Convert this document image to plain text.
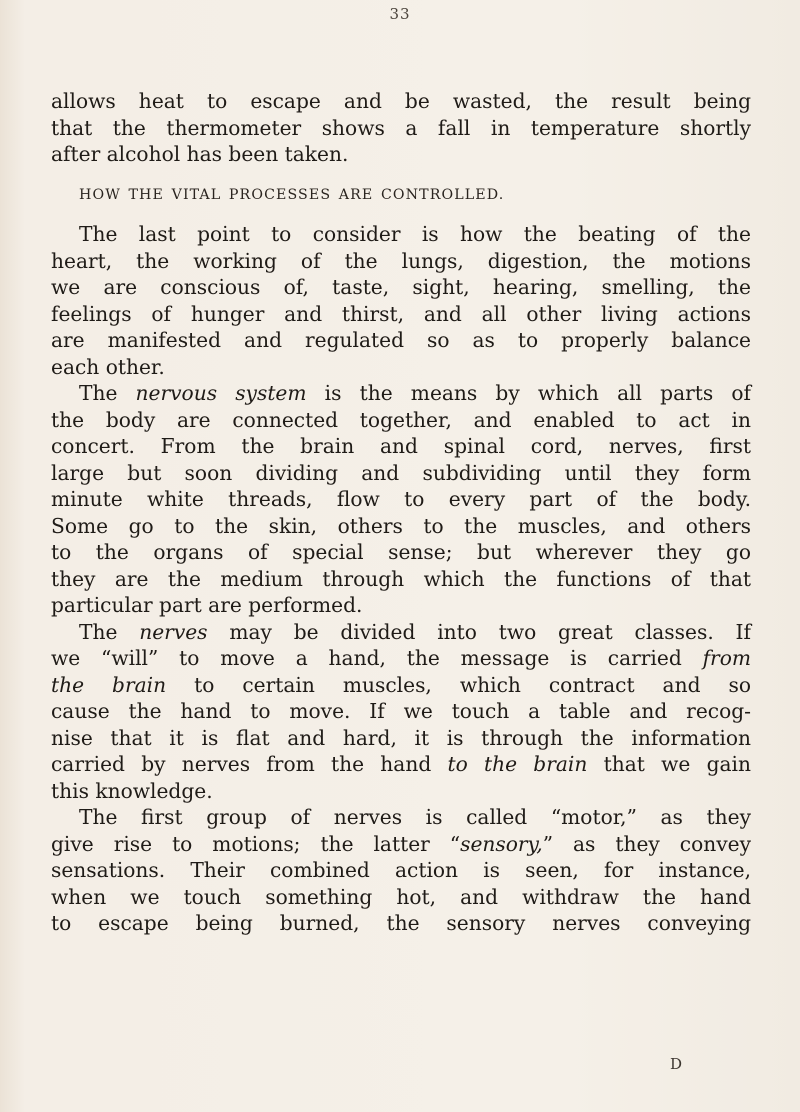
33
allows heat to escape and be wasted, the result being
that the thermometer shows a fall in temperature shortly
after alcohol has been taken.
HOW THE VITAL PROCESSES ARE CONTROLLED.
The last point to consider is how the beating of the
heart, the working of the lungs, digestion, the motions
we are conscious of, taste, sight, hearing, smelling, the
feelings of hunger and thirst, and all other living actions
are manifested and regulated so as to properly balance
each other.
The nervous system is the means by which all parts of
the body are connected together, and enabled to act in
concert. From the brain and spinal cord, nerves, first
large but soon dividing and subdividing until they form
minute white threads, flow to every part of the body.
Some go to the skin, others to the muscles, and others
to the organs of special sense; but wherever they go
they are the medium through which the functions of that
particular part are performed.
The nerves may be divided into two great classes. If
we “will” to move a hand, the message is carried from
the brain to certain muscles, which contract and so
cause the hand to move. If we touch a table and recog-
nise that it is flat and hard, it is through the information
carried by nerves from the hand to the brain that we gain
this knowledge.
The first group of nerves is called “motor,” as they
give rise to motions; the latter “sensory,” as they convey
sensations. Their combined action is seen, for instance,
when we touch something hot, and withdraw the hand
to escape being burned, the sensory nerves conveying
D
